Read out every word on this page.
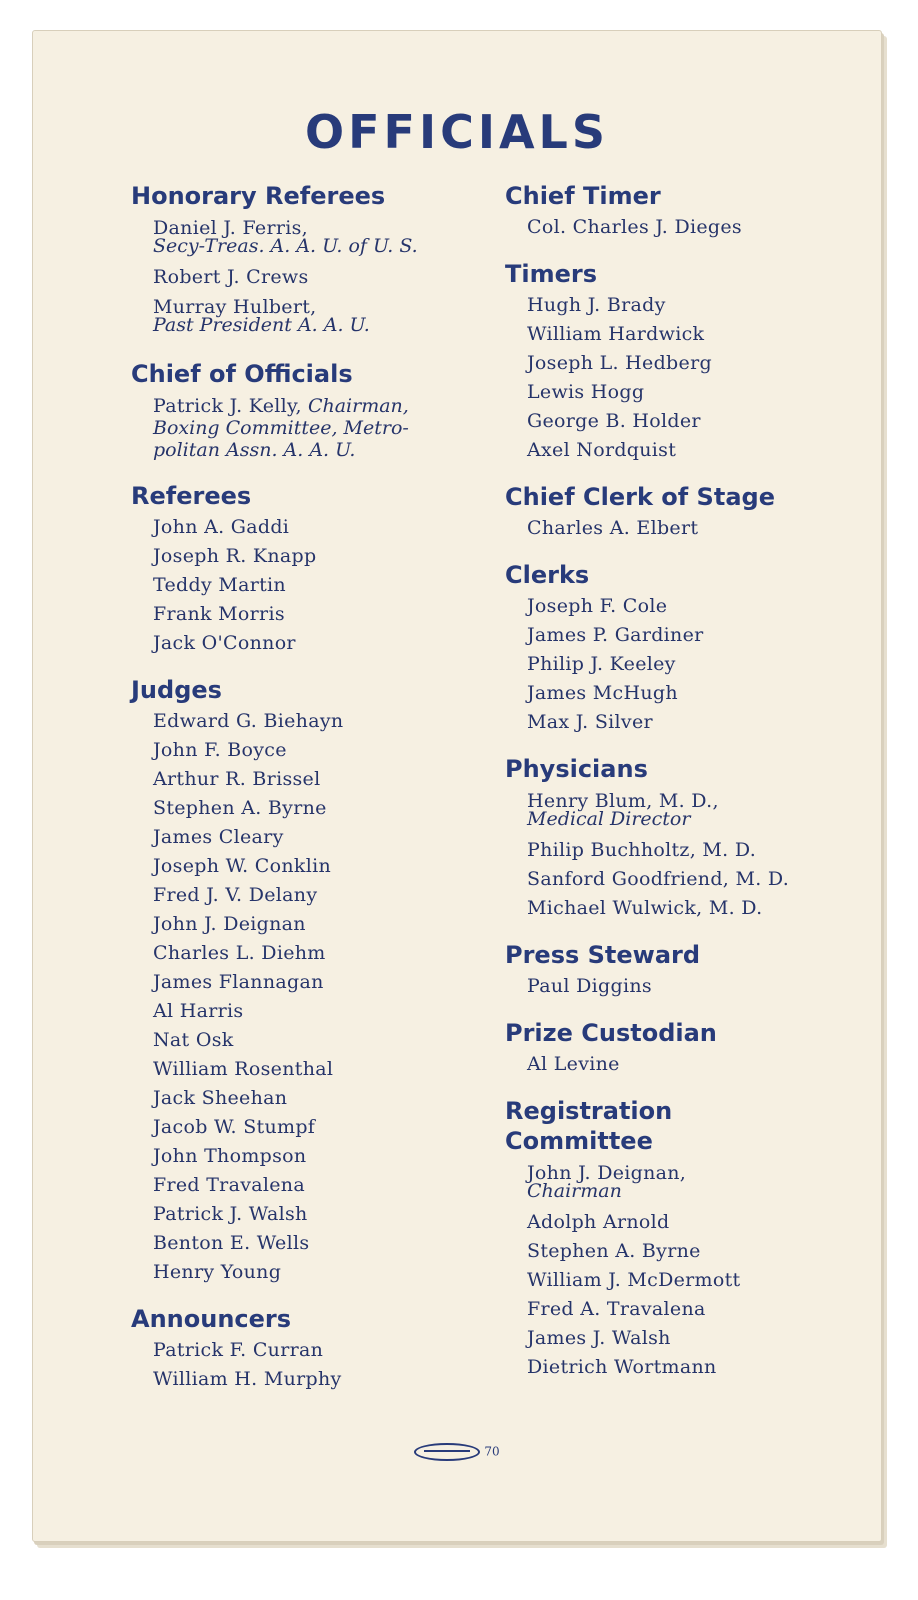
OFFICIALS
Honorary Referees
Daniel J. Ferris,
Secy-Treas. A. A. U. of U. S.
Robert J. Crews
Murray Hulbert,
Past President A. A. U.
Chief of Officials
Patrick J. Kelly, Chairman,
Boxing Committee, Metro-
politan Assn. A. A. U.
Referees
John A. Gaddi
Joseph R. Knapp
Teddy Martin
Frank Morris
Jack O'Connor
Judges
Edward G. Biehayn
John F. Boyce
Arthur R. Brissel
Stephen A. Byrne
James Cleary
Joseph W. Conklin
Fred J. V. Delany
John J. Deignan
Charles L. Diehm
James Flannagan
Al Harris
Nat Osk
William Rosenthal
Jack Sheehan
Jacob W. Stumpf
John Thompson
Fred Travalena
Patrick J. Walsh
Benton E. Wells
Henry Young
Announcers
Patrick F. Curran
William H. Murphy
Chief Timer
Col. Charles J. Dieges
Timers
Hugh J. Brady
William Hardwick
Joseph L. Hedberg
Lewis Hogg
George B. Holder
Axel Nordquist
Chief Clerk of Stage
Charles A. Elbert
Clerks
Joseph F. Cole
James P. Gardiner
Philip J. Keeley
James McHugh
Max J. Silver
Physicians
Henry Blum, M. D.,
Medical Director
Philip Buchholtz, M. D.
Sanford Goodfriend, M. D.
Michael Wulwick, M. D.
Press Steward
Paul Diggins
Prize Custodian
Al Levine
Registration
Committee
John J. Deignan,
Chairman
Adolph Arnold
Stephen A. Byrne
William J. McDermott
Fred A. Travalena
James J. Walsh
Dietrich Wortmann
70
